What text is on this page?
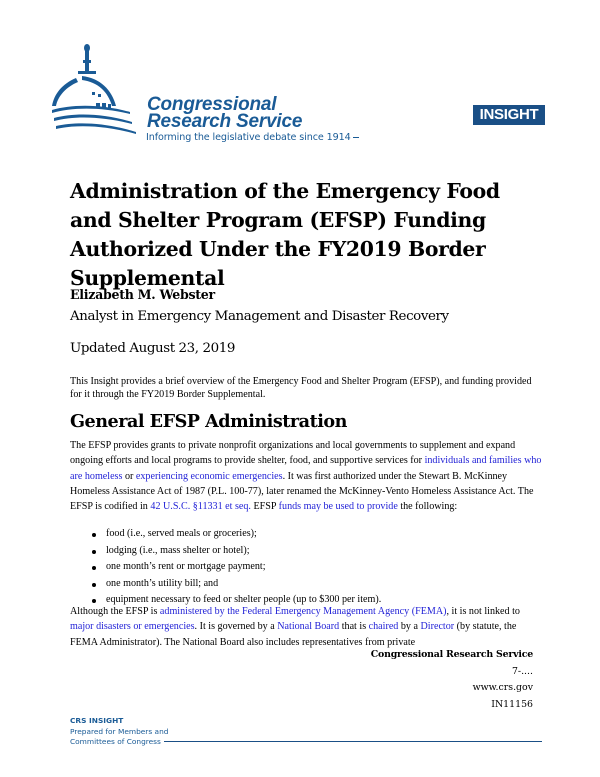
Congressional
Research Service
Informing the legislative debate since 1914
INSIGHT
Administration of the Emergency Food and Shelter Program (EFSP) Funding Authorized Under the FY2019 Border Supplemental
Elizabeth M. Webster
Analyst in Emergency Management and Disaster Recovery
Updated August 23, 2019

This Insight provides a brief overview of the Emergency Food and Shelter Program (EFSP), and funding provided for it through the FY2019 Border Supplemental.

General EFSP Administration

The EFSP provides grants to private nonprofit organizations and local governments to supplement and expand ongoing efforts and local programs to provide shelter, food, and supportive services for individuals and families who are homeless or experiencing economic emergencies. It was first authorized under the Stewart B. McKinney Homeless Assistance Act of 1987 (P.L. 100-77), later renamed the McKinney-Vento Homeless Assistance Act. The EFSP is codified in 42 U.S.C. §11331 et seq. EFSP funds may be used to provide the following:

food (i.e., served meals or groceries);
lodging (i.e., mass shelter or hotel);
one month’s rent or mortgage payment;
one month’s utility bill; and
equipment necessary to feed or shelter people (up to $300 per item).

Although the EFSP is administered by the Federal Emergency Management Agency (FEMA), it is not linked to major disasters or emergencies. It is governed by a National Board that is chaired by a Director (by statute, the FEMA Administrator). The National Board also includes representatives from private

Congressional Research Service
7-....
www.crs.gov
IN11156
CRS INSIGHT
Prepared for Members and
Committees of Congress
